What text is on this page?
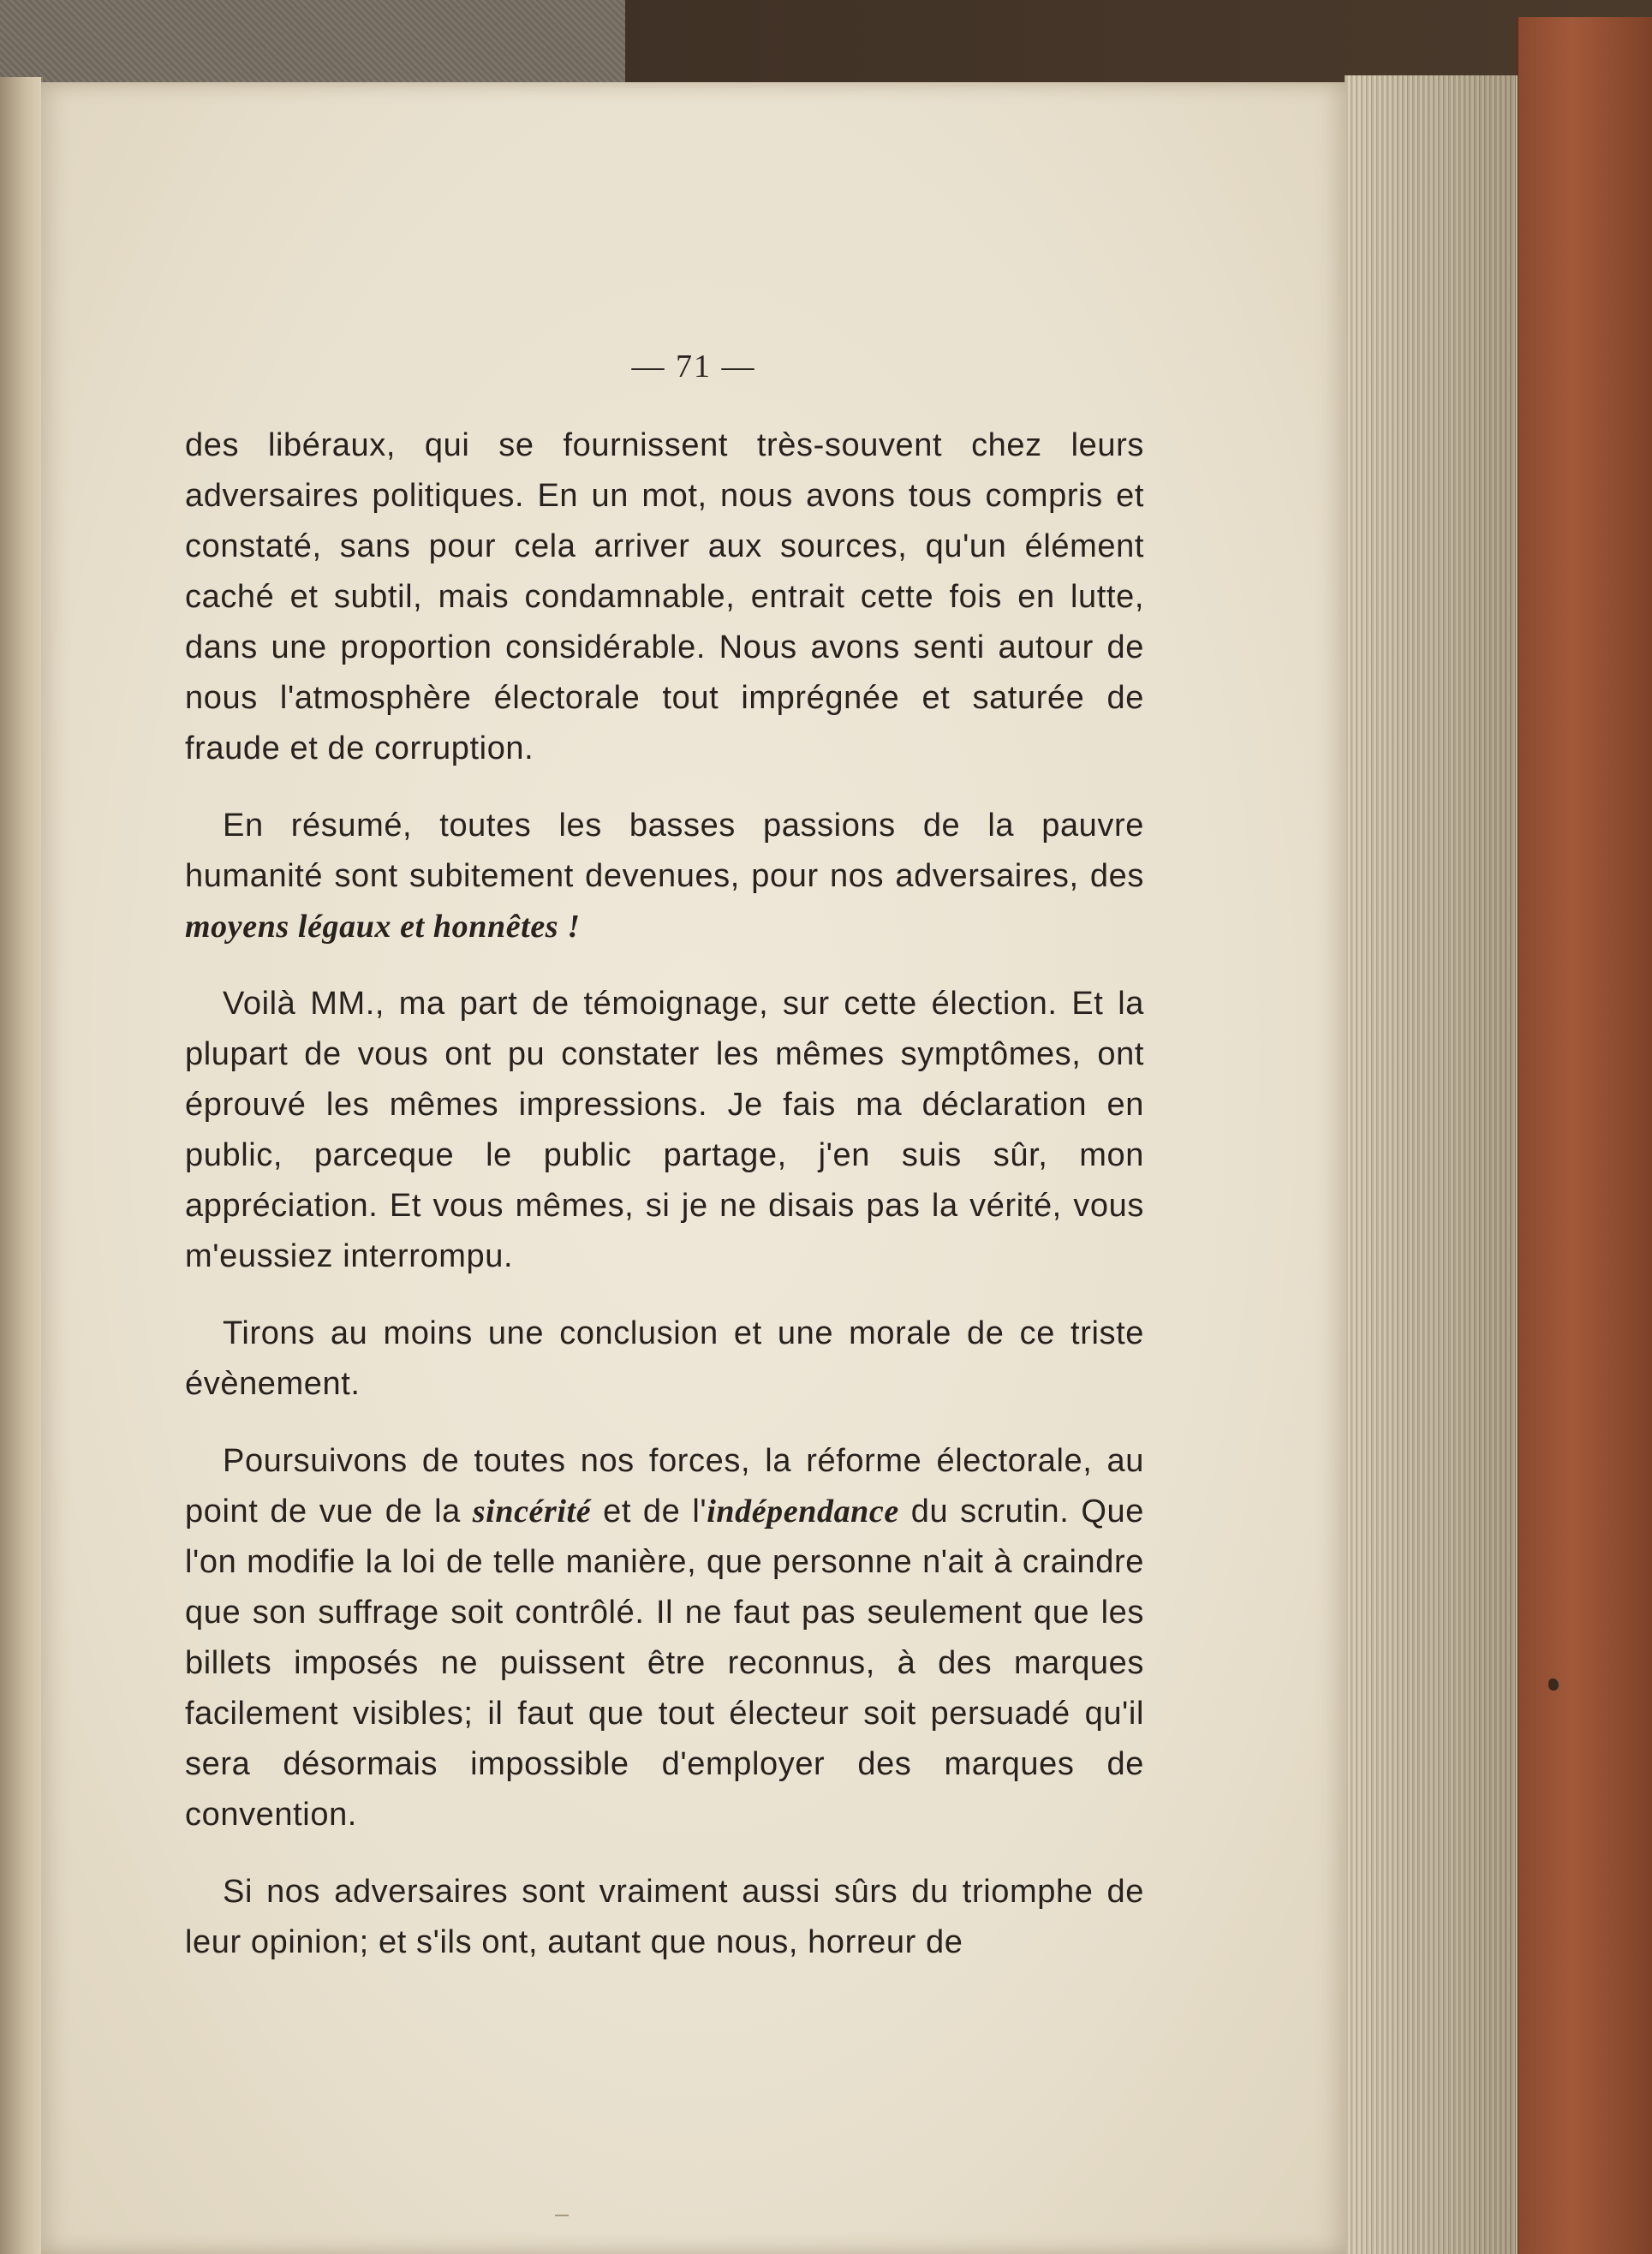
— 71 —

des libéraux, qui se fournissent très-souvent chez leurs adversaires politiques. En un mot, nous avons tous compris et constaté, sans pour cela arriver aux sources, qu'un élément caché et subtil, mais condamnable, entrait cette fois en lutte, dans une proportion considérable. Nous avons senti autour de nous l'atmosphère électorale tout imprégnée et saturée de fraude et de corruption.

En résumé, toutes les basses passions de la pauvre humanité sont subitement devenues, pour nos adversaires, des moyens légaux et honnêtes !

Voilà MM., ma part de témoignage, sur cette élection. Et la plupart de vous ont pu constater les mêmes symptômes, ont éprouvé les mêmes impressions. Je fais ma déclaration en public, parceque le public partage, j'en suis sûr, mon appréciation. Et vous mêmes, si je ne disais pas la vérité, vous m'eussiez interrompu.

Tirons au moins une conclusion et une morale de ce triste évènement.

Poursuivons de toutes nos forces, la réforme électorale, au point de vue de la sincérité et de l'indépendance du scrutin. Que l'on modifie la loi de telle manière, que personne n'ait à craindre que son suffrage soit contrôlé. Il ne faut pas seulement que les billets imposés ne puissent être reconnus, à des marques facilement visibles; il faut que tout électeur soit persuadé qu'il sera désormais impossible d'employer des marques de convention.

Si nos adversaires sont vraiment aussi sûrs du triomphe de leur opinion; et s'ils ont, autant que nous, horreur de
